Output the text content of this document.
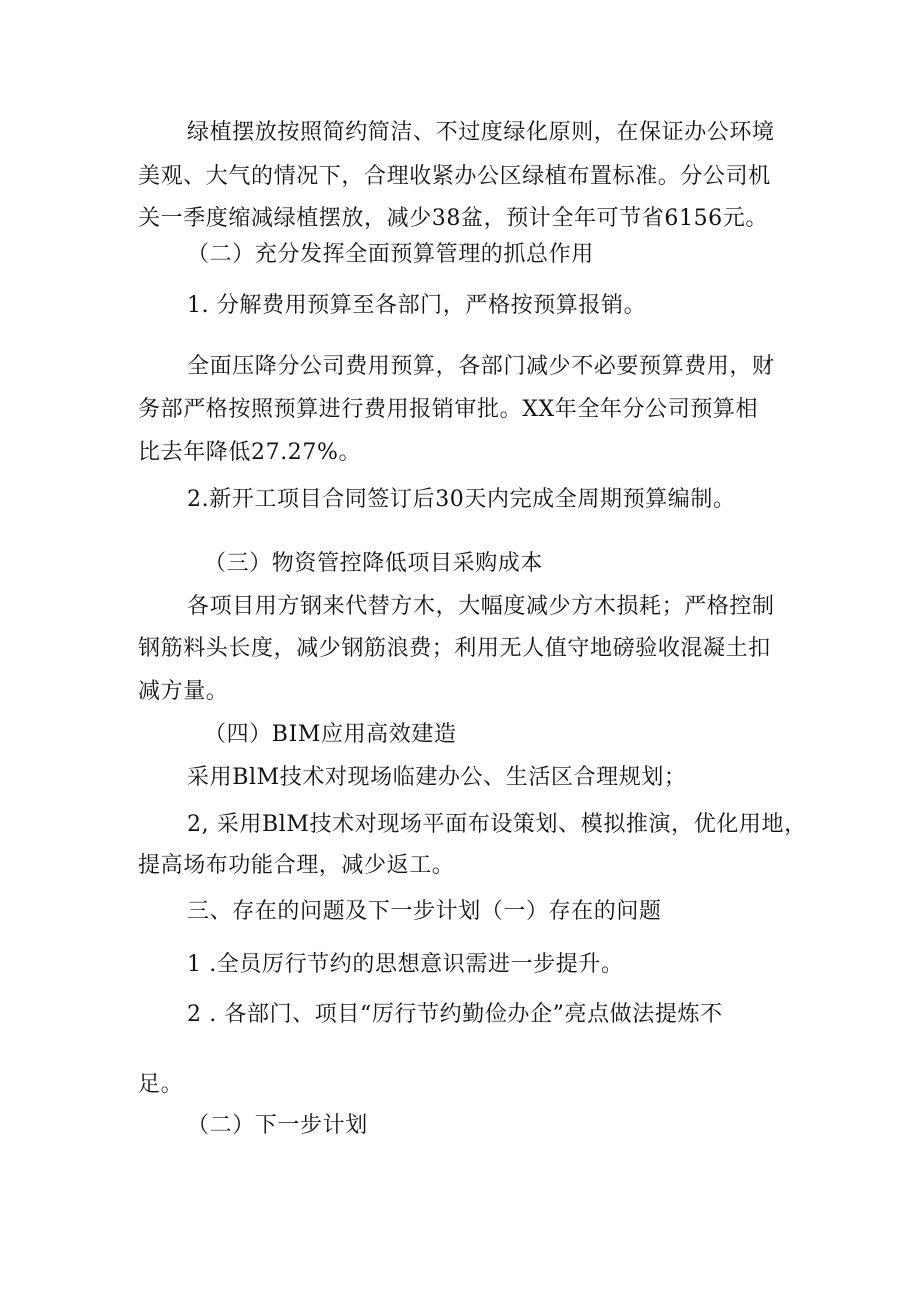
绿植摆放按照简约简洁、不过度绿化原则，在保证办公环境

美观、大气的情况下，合理收紧办公区绿植布置标准。分公司机

关一季度缩减绿植摆放，减少38盆，预计全年可节省6156元。

（二）充分发挥全面预算管理的抓总作用

1. 分解费用预算至各部门，严格按预算报销。

全面压降分公司费用预算，各部门减少不必要预算费用，财

务部严格按照预算进行费用报销审批。XX年全年分公司预算相

比去年降低27.27%。

2.新开工项目合同签订后30天内完成全周期预算编制。

（三）物资管控降低项目采购成本

各项目用方钢来代替方木，大幅度减少方木损耗；严格控制

钢筋料头长度，减少钢筋浪费；利用无人值守地磅验收混凝土扣

减方量。

（四）BIM应用高效建造

采用BlM技术对现场临建办公、生活区合理规划；

2, 采用BlM技术对现场平面布设策划、模拟推演，优化用地，

提高场布功能合理，减少返工。

三、存在的问题及下一步计划（一）存在的问题

1 .全员厉行节约的思想意识需进一步提升。

2 . 各部门、项目“厉行节约勤俭办企”亮点做法提炼不

足。

（二）下一步计划
